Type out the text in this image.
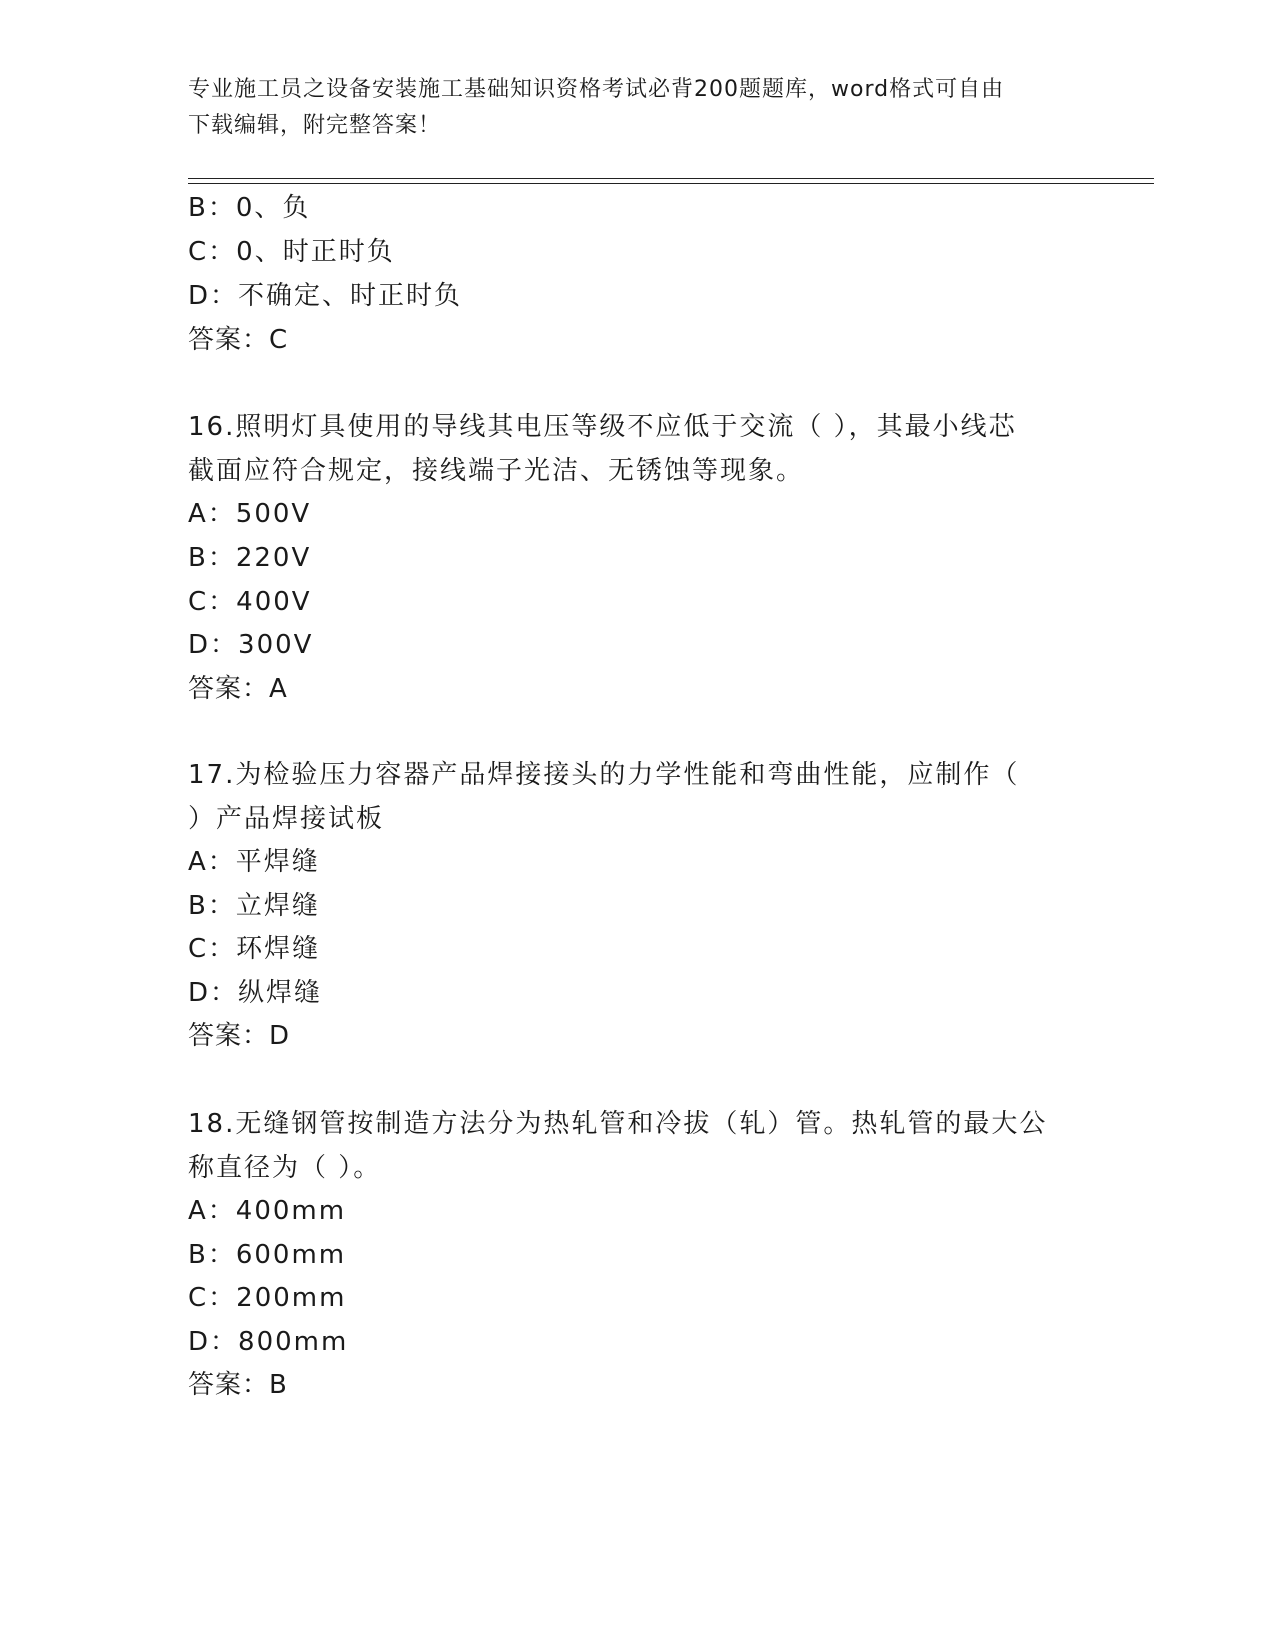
专业施工员之设备安装施工基础知识资格考试必背200题题库，word格式可自由
下载编辑，附完整答案！
B：0、负
C：0、时正时负
D：不确定、时正时负
答案：C
16.照明灯具使用的导线其电压等级不应低于交流（ ），其最小线芯
截面应符合规定，接线端子光洁、无锈蚀等现象。
A：500V
B：220V
C：400V
D：300V
答案：A
17.为检验压力容器产品焊接接头的力学性能和弯曲性能，应制作（
）产品焊接试板
A：平焊缝
B：立焊缝
C：环焊缝
D：纵焊缝
答案：D
18.无缝钢管按制造方法分为热轧管和冷拔（轧）管。热轧管的最大公
称直径为（ ）。
A：400mm
B：600mm
C：200mm
D：800mm
答案：B
